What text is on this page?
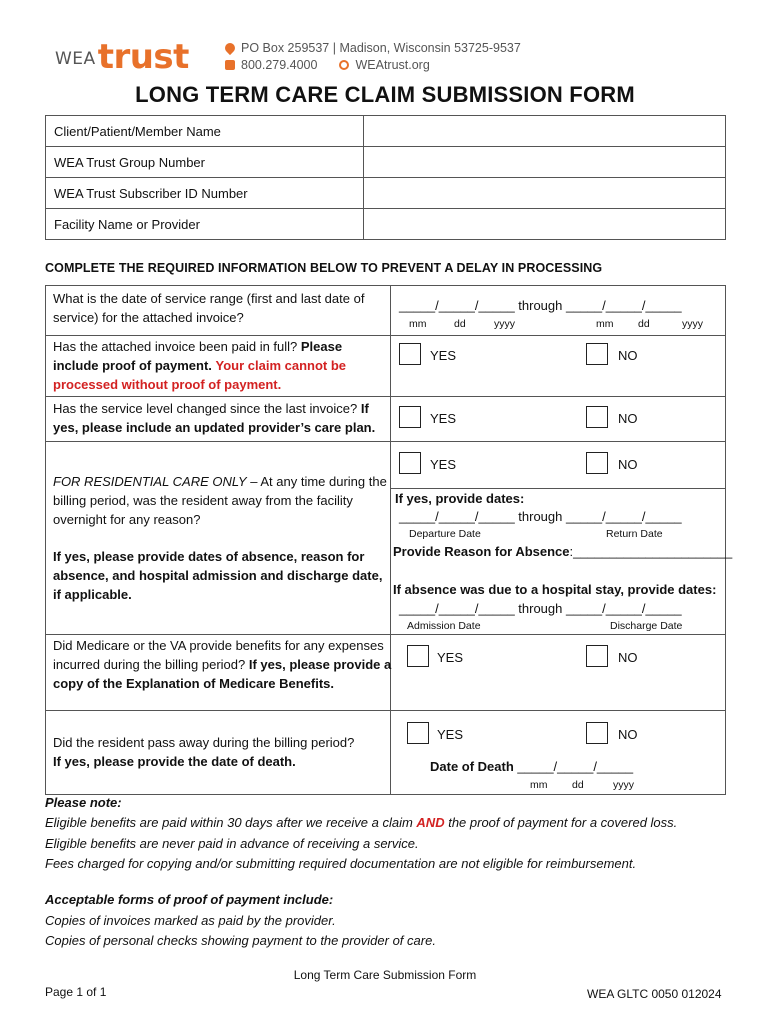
WEA trust	PO Box 259537 | Madison, Wisconsin 53725-9537
800.279.4000	WEAtrust.org
LONG TERM CARE CLAIM SUBMISSION FORM
Client/Patient/Member Name	
WEA Trust Group Number	
WEA Trust Subscriber ID Number	
Facility Name or Provider	
COMPLETE THE REQUIRED INFORMATION BELOW TO PREVENT A DELAY IN PROCESSING
What is the date of service range (first and last date of service) for the attached invoice?
_____/_____/_____ through _____/_____/_____
mm	dd	yyyy	mm dd	yyyy
Has the attached invoice been paid in full? Please include proof of payment. Your claim cannot be processed without proof of payment.
YES	NO
Has the service level changed since the last invoice? If yes, please include an updated provider’s care plan.
YES	NO
FOR RESIDENTIAL CARE ONLY – At any time during the billing period, was the resident away from the facility overnight for any reason?
If yes, please provide dates of absence, reason for absence, and hospital admission and discharge date, if applicable.
YES	NO
If yes, provide dates:
_____/_____/_____ through _____/_____/_____
Departure Date	Return Date
Provide Reason for Absence:______________________
If absence was due to a hospital stay, provide dates:
_____/_____/_____ through _____/_____/_____
Admission Date	Discharge Date
Did Medicare or the VA provide benefits for any expenses incurred during the billing period? If yes, please provide a copy of the Explanation of Medicare Benefits.
YES	NO
Did the resident pass away during the billing period?
If yes, please provide the date of death.
YES	NO
Date of Death _____/_____/_____
mm dd	yyyy
Please note:
Eligible benefits are paid within 30 days after we receive a claim AND the proof of payment for a covered loss.
Eligible benefits are never paid in advance of receiving a service.
Fees charged for copying and/or submitting required documentation are not eligible for reimbursement.
Acceptable forms of proof of payment include:
Copies of invoices marked as paid by the provider.
Copies of personal checks showing payment to the provider of care.
Long Term Care Submission Form
Page 1 of 1	WEA GLTC 0050 012024
